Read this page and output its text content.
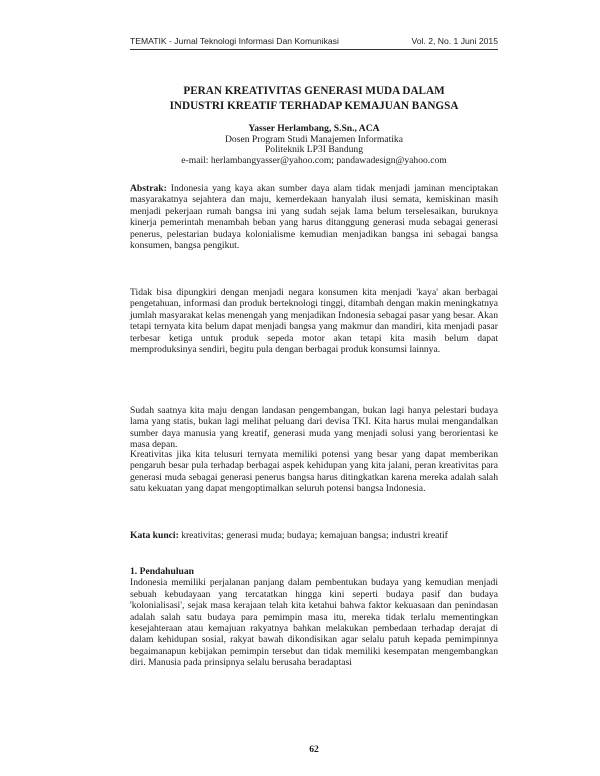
TEMATIK - Jurnal Teknologi Informasi Dan Komunikasi	Vol. 2, No. 1 Juni 2015
PERAN KREATIVITAS GENERASI MUDA DALAM
INDUSTRI KREATIF TERHADAP KEMAJUAN BANGSA
Yasser Herlambang, S.Sn., ACA
Dosen Program Studi Manajemen Informatika
Politeknik LP3I Bandung
e-mail: herlambangyasser@yahoo.com; pandawadesign@yahoo.com

Abstrak: Indonesia yang kaya akan sumber daya alam tidak menjadi jaminan menciptakan masyarakatnya sejahtera dan maju, kemerdekaan hanyalah ilusi semata, kemiskinan masih menjadi pekerjaan rumah bangsa ini yang sudah sejak lama belum terselesaikan, buruknya kinerja pemerintah menambah beban yang harus ditanggung generasi muda sebagai generasi penerus, pelestarian budaya kolonialisme kemudian menjadikan bangsa ini sebagai bangsa konsumen, bangsa pengikut.

Tidak bisa dipungkiri dengan menjadi negara konsumen kita menjadi 'kaya' akan berbagai pengetahuan, informasi dan produk berteknologi tinggi, ditambah dengan makin meningkatnya jumlah masyarakat kelas menengah yang menjadikan Indonesia sebagai pasar yang besar. Akan tetapi ternyata kita belum dapat menjadi bangsa yang makmur dan mandiri, kita menjadi pasar terbesar ketiga untuk produk sepeda motor akan tetapi kita masih belum dapat memproduksinya sendiri, begitu pula dengan berbagai produk konsumsi lainnya.

Sudah saatnya kita maju dengan landasan pengembangan, bukan lagi hanya pelestari budaya lama yang statis, bukan lagi melihat peluang dari devisa TKI. Kita harus mulai mengandalkan sumber daya manusia yang kreatif, generasi muda yang menjadi solusi yang berorientasi ke masa depan.

Kreativitas jika kita telusuri ternyata memiliki potensi yang besar yang dapat memberikan pengaruh besar pula terhadap berbagai aspek kehidupan yang kita jalani, peran kreativitas para generasi muda sebagai generasi penerus bangsa harus ditingkatkan karena mereka adalah salah satu kekuatan yang dapat mengoptimalkan seluruh potensi bangsa Indonesia.

Kata kunci: kreativitas; generasi muda; budaya; kemajuan bangsa; industri kreatif

1. Pendahuluan

Indonesia memiliki perjalanan panjang dalam pembentukan budaya yang kemudian menjadi sebuah kebudayaan yang tercatatkan hingga kini seperti budaya pasif dan budaya 'kolonialisasi', sejak masa kerajaan telah kita ketahui bahwa faktor kekuasaan dan penindasan adalah salah satu budaya para pemimpin masa itu, mereka tidak terlalu mementingkan kesejahteraan atau kemajuan rakyatnya bahkan melakukan pembedaan terhadap derajat di dalam kehidupan sosial, rakyat bawah dikondisikan agar selalu patuh kepada pemimpinnya begaimanapun kebijakan pemimpin tersebut dan tidak memiliki kesempatan mengembangkan diri. Manusia pada prinsipnya selalu berusaha beradaptasi

62
